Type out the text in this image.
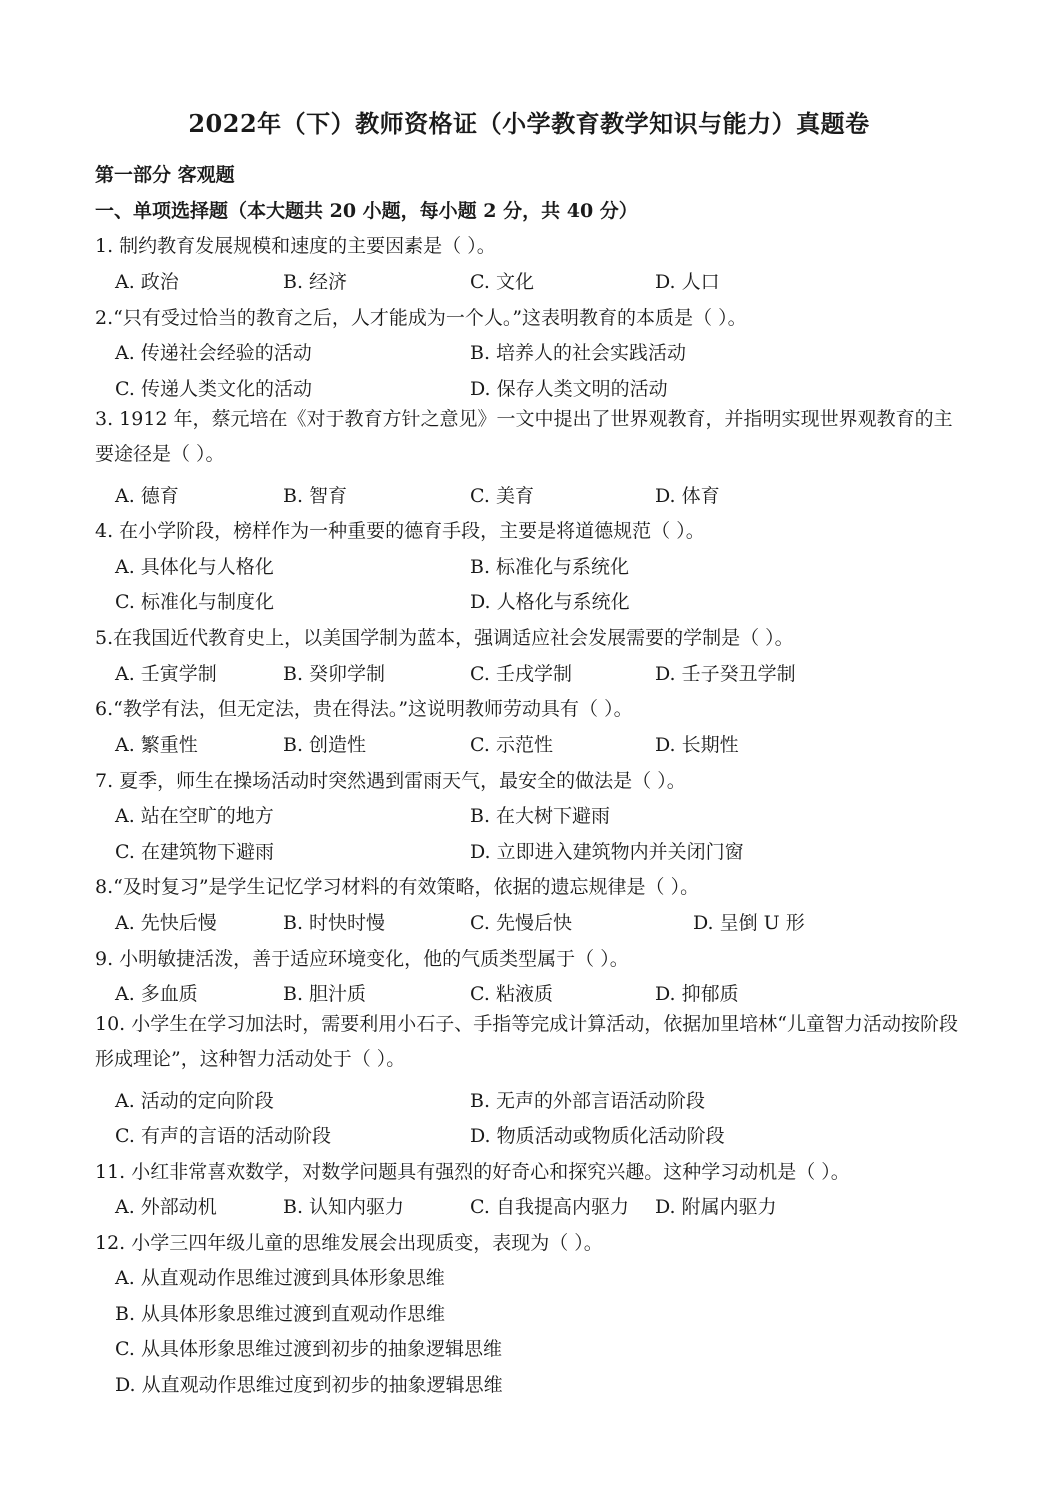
2022年（下）教师资格证（小学教育教学知识与能力）真题卷
第一部分 客观题
一、单项选择题（本大题共 20 小题，每小题 2 分，共 40 分）
1. 制约教育发展规模和速度的主要因素是（ ）。
A. 政治	B. 经济	C. 文化	D. 人口
2.“只有受过恰当的教育之后，人才能成为一个人。”这表明教育的本质是（ ）。
A. 传递社会经验的活动	B. 培养人的社会实践活动
C. 传递人类文化的活动	D. 保存人类文明的活动
3. 1912 年，蔡元培在《对于教育方针之意见》一文中提出了世界观教育，并指明实现世界观教育的主要途径是（ ）。
A. 德育	B. 智育	C. 美育	D. 体育
4. 在小学阶段，榜样作为一种重要的德育手段，主要是将道德规范（ ）。
A. 具体化与人格化	B. 标准化与系统化
C. 标准化与制度化	D. 人格化与系统化
5.在我国近代教育史上，以美国学制为蓝本，强调适应社会发展需要的学制是（ ）。
A. 壬寅学制	B. 癸卯学制	C. 壬戌学制	D. 壬子癸丑学制
6.“教学有法，但无定法，贵在得法。”这说明教师劳动具有（ ）。
A. 繁重性	B. 创造性	C. 示范性	D. 长期性
7. 夏季，师生在操场活动时突然遇到雷雨天气，最安全的做法是（ ）。
A. 站在空旷的地方	B. 在大树下避雨
C. 在建筑物下避雨	D. 立即进入建筑物内并关闭门窗
8.“及时复习”是学生记忆学习材料的有效策略，依据的遗忘规律是（ ）。
A. 先快后慢	B. 时快时慢	C. 先慢后快	D. 呈倒 U 形
9. 小明敏捷活泼，善于适应环境变化，他的气质类型属于（ ）。
A. 多血质	B. 胆汁质	C. 粘液质	D. 抑郁质
10. 小学生在学习加法时，需要利用小石子、手指等完成计算活动，依据加里培林“儿童智力活动按阶段形成理论”，这种智力活动处于（ ）。
A. 活动的定向阶段	B. 无声的外部言语活动阶段
C. 有声的言语的活动阶段	D. 物质活动或物质化活动阶段
11. 小红非常喜欢数学，对数学问题具有强烈的好奇心和探究兴趣。这种学习动机是（ ）。
A. 外部动机	B. 认知内驱力	C. 自我提高内驱力 D. 附属内驱力
12. 小学三四年级儿童的思维发展会出现质变，表现为（ ）。
A. 从直观动作思维过渡到具体形象思维
B. 从具体形象思维过渡到直观动作思维
C. 从具体形象思维过渡到初步的抽象逻辑思维
D. 从直观动作思维过度到初步的抽象逻辑思维
